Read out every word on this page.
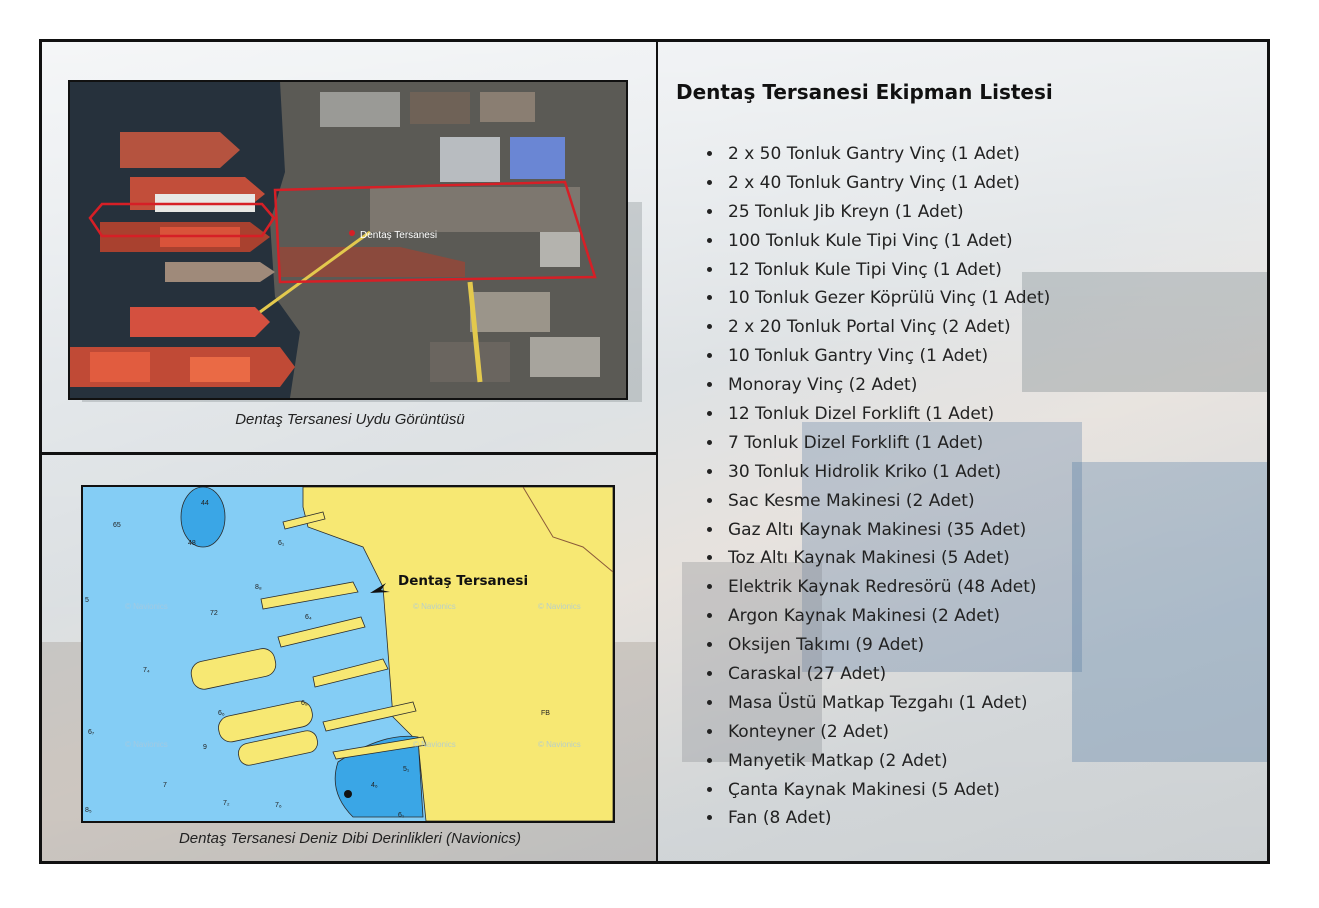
Dentaş Tersanesi
Dentaş Tersanesi Uydu Görüntüsü
44
65
48	6₁
8₈
72
6₄
7₄
6₆
6₈
6₇
9
7
7₂	7₆
5₁
4₆
6₁
8₅
5
FB
© Navionics	© Navionics	© Navionics
© Navionics	© Navionics	© Navionics
Dentaş Tersanesi
Dentaş Tersanesi Deniz Dibi Derinlikleri (Navionics)
Dentaş Tersanesi Ekipman Listesi
• 2 x 50 Tonluk Gantry Vinç (1 Adet)
• 2 x 40 Tonluk Gantry Vinç (1 Adet)
• 25 Tonluk Jib Kreyn (1 Adet)
• 100 Tonluk Kule Tipi Vinç (1 Adet)
• 12 Tonluk Kule Tipi Vinç (1 Adet)
• 10 Tonluk Gezer Köprülü Vinç (1 Adet)
• 2 x 20 Tonluk Portal Vinç (2 Adet)
• 10 Tonluk Gantry Vinç (1 Adet)
• Monoray Vinç (2 Adet)
• 12 Tonluk Dizel Forklift (1 Adet)
• 7 Tonluk Dizel Forklift (1 Adet)
• 30 Tonluk Hidrolik Kriko (1 Adet)
• Sac Kesme Makinesi (2 Adet)
• Gaz Altı Kaynak Makinesi (35 Adet)
• Toz Altı Kaynak Makinesi (5 Adet)
• Elektrik Kaynak Redresörü (48 Adet)
• Argon Kaynak Makinesi (2 Adet)
• Oksijen Takımı (9 Adet)
• Caraskal (27 Adet)
• Masa Üstü Matkap Tezgahı (1 Adet)
• Konteyner (2 Adet)
• Manyetik Matkap (2 Adet)
• Çanta Kaynak Makinesi (5 Adet)
• Fan (8 Adet)
